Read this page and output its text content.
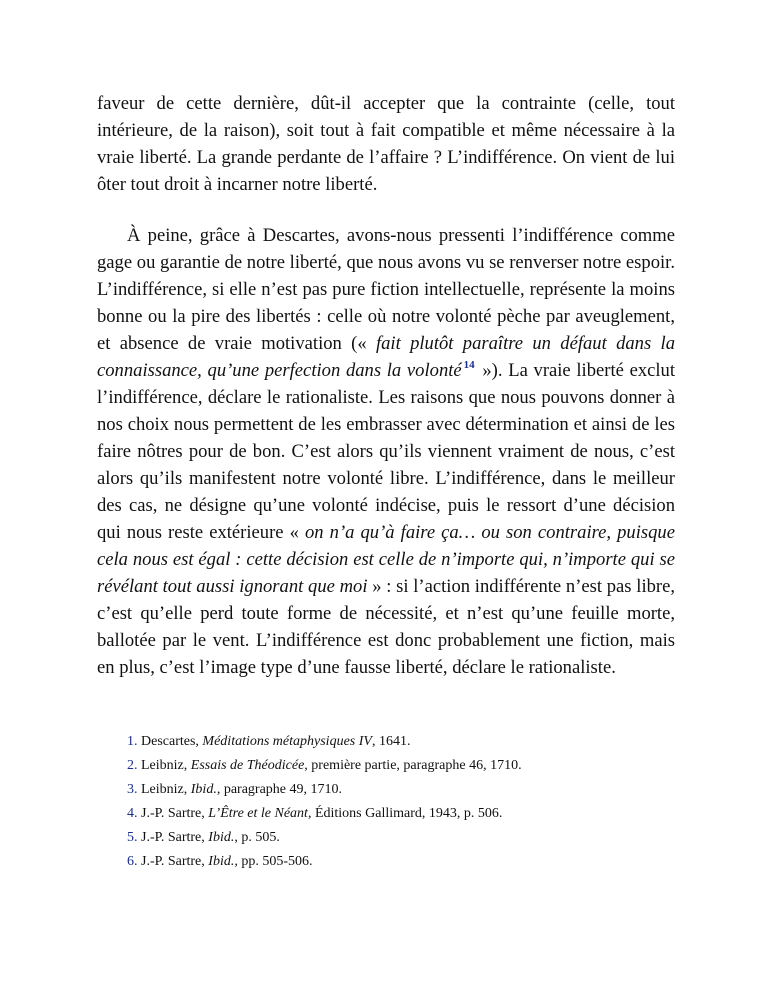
faveur de cette dernière, dût-il accepter que la contrainte (celle, tout intérieure, de la raison), soit tout à fait compatible et même nécessaire à la vraie liberté. La grande perdante de l’affaire ? L’indifférence. On vient de lui ôter tout droit à incarner notre liberté.

À peine, grâce à Descartes, avons-nous pressenti l’indifférence comme gage ou garantie de notre liberté, que nous avons vu se renverser notre espoir. L’indifférence, si elle n’est pas pure fiction intellectuelle, représente la moins bonne ou la pire des libertés : celle où notre volonté pèche par aveuglement, et absence de vraie motivation (« fait plutôt paraître un défaut dans la connaissance, qu’une perfection dans la volonté $^{14}$ »). La vraie liberté exclut l’indifférence, déclare le rationaliste. Les raisons que nous pouvons donner à nos choix nous permettent de les embrasser avec détermination et ainsi de les faire nôtres pour de bon. C’est alors qu’ils viennent vraiment de nous, c’est alors qu’ils manifestent notre volonté libre. L’indifférence, dans le meilleur des cas, ne désigne qu’une volonté indécise, puis le ressort d’une décision qui nous reste extérieure « on n’a qu’à faire ça… ou son contraire, puisque cela nous est égal : cette décision est celle de n’importe qui, n’importe qui se révélant tout aussi ignorant que moi » : si l’action indifférente n’est pas libre, c’est qu’elle perd toute forme de nécessité, et n’est qu’une feuille morte, ballotée par le vent. L’indifférence est donc probablement une fiction, mais en plus, c’est l’image type d’une fausse liberté, déclare le rationaliste.

1. Descartes, Méditations métaphysiques IV, 1641.
2. Leibniz, Essais de Théodicée, première partie, paragraphe 46, 1710.
3. Leibniz, Ibid., paragraphe 49, 1710.
4. J.-P. Sartre, L’Être et le Néant, Éditions Gallimard, 1943, p. 506.
5. J.-P. Sartre, Ibid., p. 505.
6. J.-P. Sartre, Ibid., pp. 505-506.
